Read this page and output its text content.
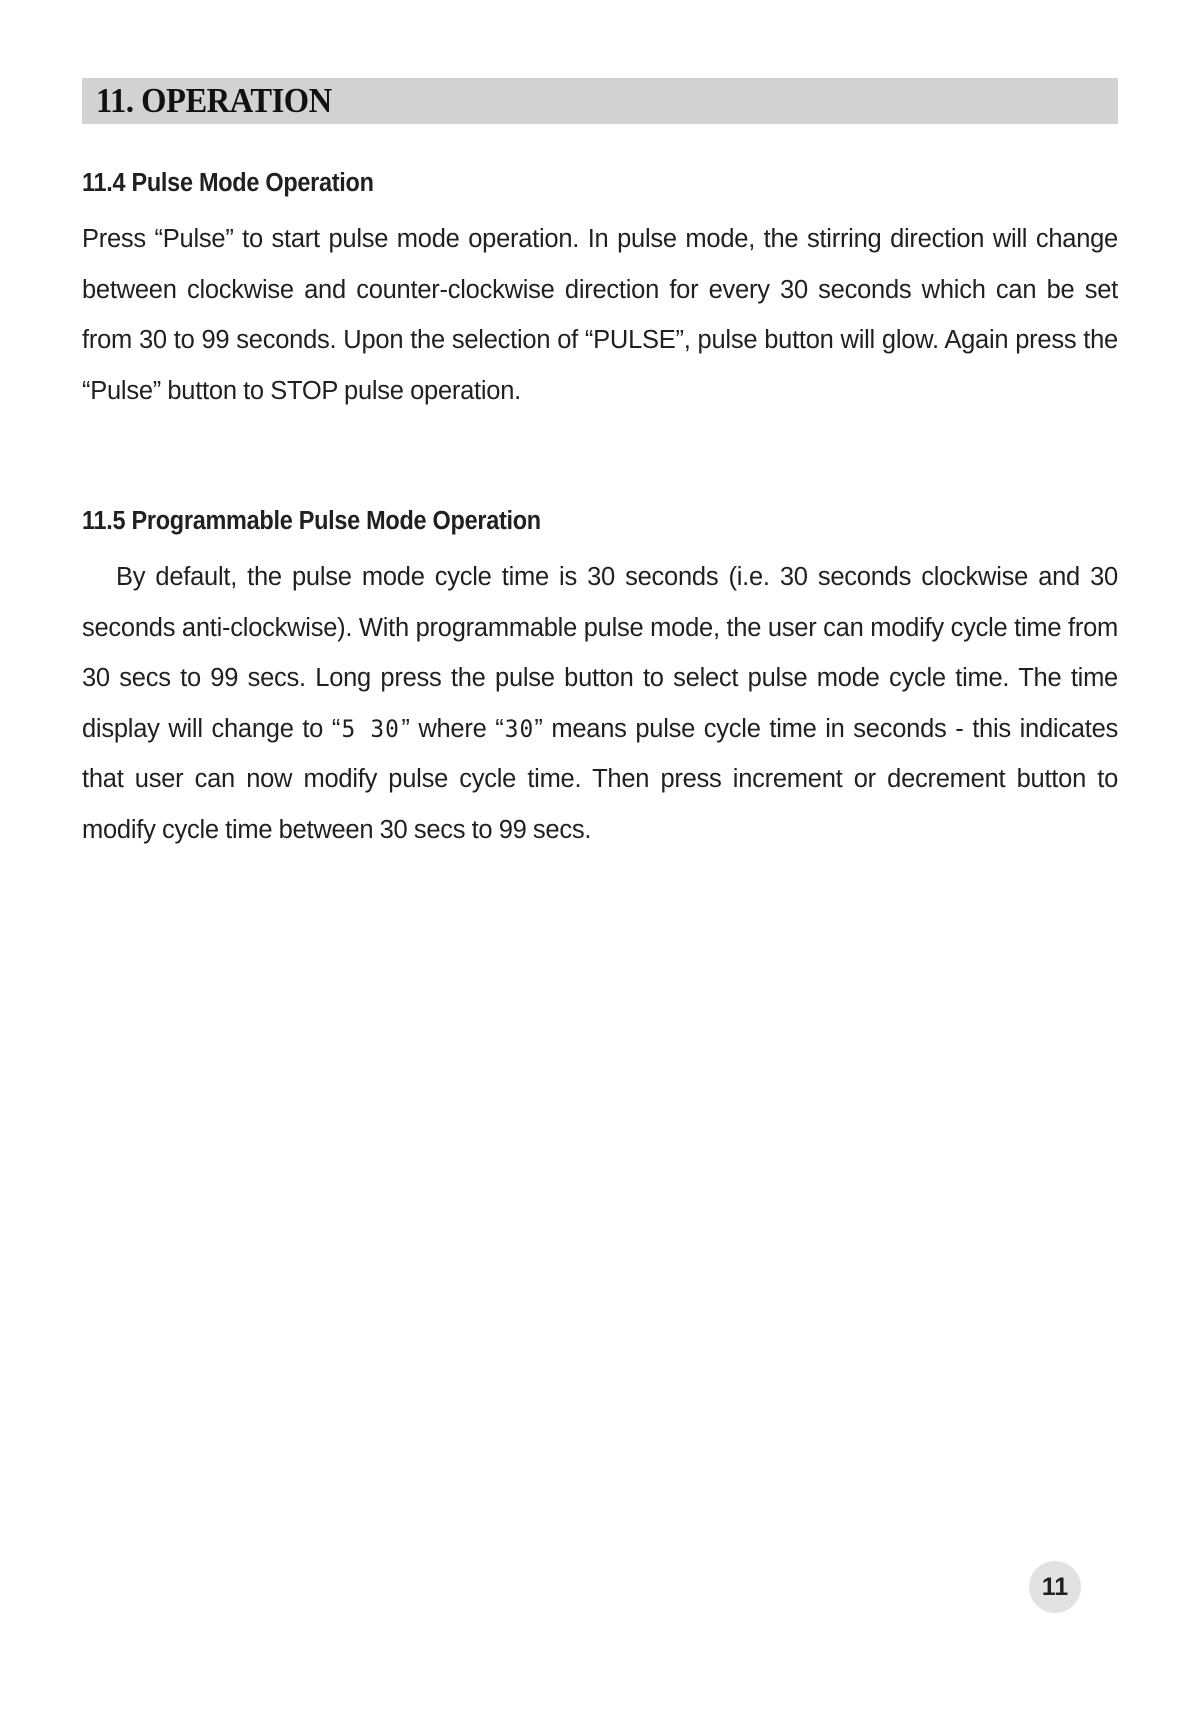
11. OPERATION
11.4 Pulse Mode Operation

Press “Pulse” to start pulse mode operation. In pulse mode, the stirring direction will change between clockwise and counter-clockwise direction for every 30 seconds which can be set from 30 to 99 seconds. Upon the selection of “PULSE”, pulse button will glow. Again press the “Pulse” button to STOP pulse operation.

11.5 Programmable Pulse Mode Operation

By default, the pulse mode cycle time is 30 seconds (i.e. 30 seconds clockwise and 30 seconds anti-clockwise). With programmable pulse mode, the user can modify cycle time from 30 secs to 99 secs. Long press the pulse button to select pulse mode cycle time. The time display will change to “5 30” where “30” means pulse cycle time in seconds - this indicates that user can now modify pulse cycle time. Then press increment or decrement button to modify cycle time between 30 secs to 99 secs.

11
